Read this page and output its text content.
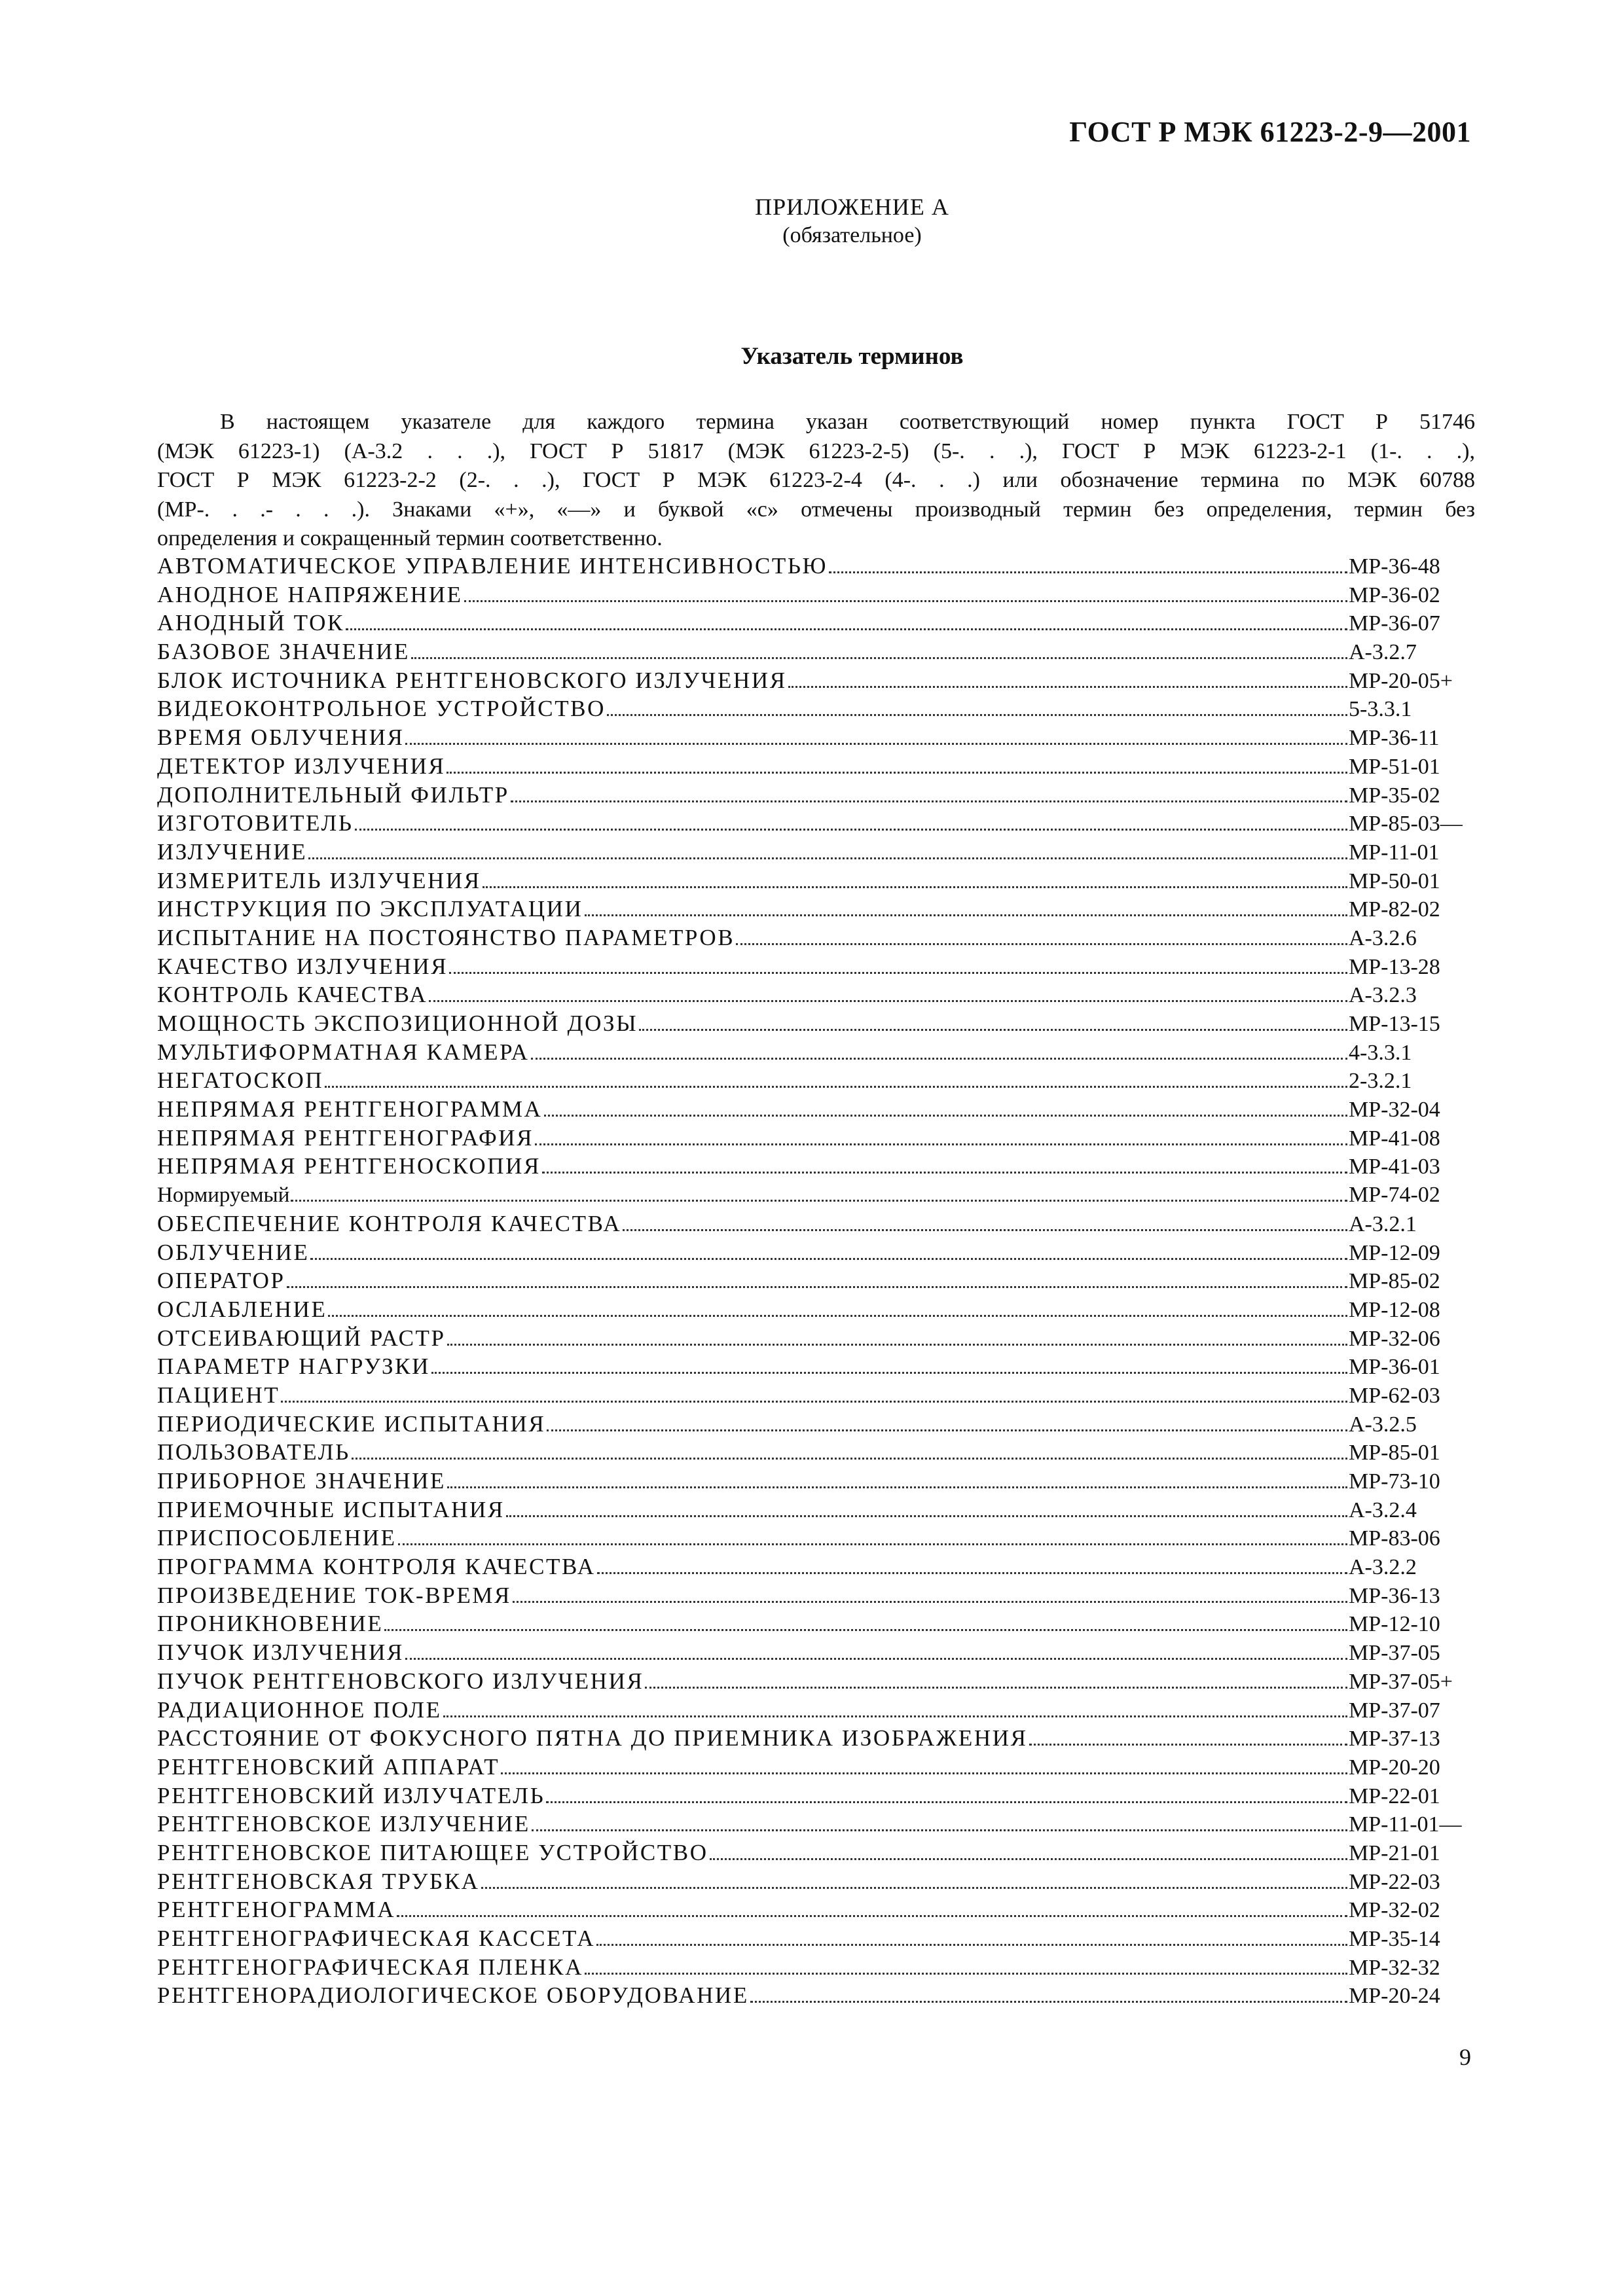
ГОСТ Р МЭК 61223-2-9—2001
ПРИЛОЖЕНИЕ А
(обязательное)
Указатель терминов
В настоящем указателе для каждого термина указан соответствующий номер пункта ГОСТ Р 51746
(МЭК 61223-1) (А-3.2 . . .), ГОСТ Р 51817 (МЭК 61223-2-5) (5-. . .), ГОСТ Р МЭК 61223-2-1 (1-. . .),
ГОСТ Р МЭК 61223-2-2 (2-. . .), ГОСТ Р МЭК 61223-2-4 (4-. . .) или обозначение термина по МЭК 60788
(МР-. . .- . . .). Знаками «+», «—» и буквой «с» отмечены производный термин без определения, термин без
определения и сокращенный термин соответственно.
АВТОМАТИЧЕСКОЕ УПРАВЛЕНИЕ ИНТЕНСИВНОСТЬЮ	МР-36-48
АНОДНОЕ НАПРЯЖЕНИЕ	МР-36-02
АНОДНЫЙ ТОК	МР-36-07
БАЗОВОЕ ЗНАЧЕНИЕ	А-3.2.7
БЛОК ИСТОЧНИКА РЕНТГЕНОВСКОГО ИЗЛУЧЕНИЯ	МР-20-05+
ВИДЕОКОНТРОЛЬНОЕ УСТРОЙСТВО	5-3.3.1
ВРЕМЯ ОБЛУЧЕНИЯ	МР-36-11
ДЕТЕКТОР ИЗЛУЧЕНИЯ	МР-51-01
ДОПОЛНИТЕЛЬНЫЙ ФИЛЬТР	МР-35-02
ИЗГОТОВИТЕЛЬ	МР-85-03—
ИЗЛУЧЕНИЕ	МР-11-01
ИЗМЕРИТЕЛЬ ИЗЛУЧЕНИЯ	МР-50-01
ИНСТРУКЦИЯ ПО ЭКСПЛУАТАЦИИ	МР-82-02
ИСПЫТАНИЕ НА ПОСТОЯНСТВО ПАРАМЕТРОВ	А-3.2.6
КАЧЕСТВО ИЗЛУЧЕНИЯ	МР-13-28
КОНТРОЛЬ КАЧЕСТВА	А-3.2.3
МОЩНОСТЬ ЭКСПОЗИЦИОННОЙ ДОЗЫ	МР-13-15
МУЛЬТИФОРМАТНАЯ КАМЕРА	4-3.3.1
НЕГАТОСКОП	2-3.2.1
НЕПРЯМАЯ РЕНТГЕНОГРАММА	МР-32-04
НЕПРЯМАЯ РЕНТГЕНОГРАФИЯ	МР-41-08
НЕПРЯМАЯ РЕНТГЕНОСКОПИЯ	МР-41-03
Нормируемый	МР-74-02
ОБЕСПЕЧЕНИЕ КОНТРОЛЯ КАЧЕСТВА	А-3.2.1
ОБЛУЧЕНИЕ	МР-12-09
ОПЕРАТОР	МР-85-02
ОСЛАБЛЕНИЕ	МР-12-08
ОТСЕИВАЮЩИЙ РАСТР	МР-32-06
ПАРАМЕТР НАГРУЗКИ	МР-36-01
ПАЦИЕНТ	МР-62-03
ПЕРИОДИЧЕСКИЕ ИСПЫТАНИЯ	А-3.2.5
ПОЛЬЗОВАТЕЛЬ	МР-85-01
ПРИБОРНОЕ ЗНАЧЕНИЕ	МР-73-10
ПРИЕМОЧНЫЕ ИСПЫТАНИЯ	А-3.2.4
ПРИСПОСОБЛЕНИЕ	МР-83-06
ПРОГРАММА КОНТРОЛЯ КАЧЕСТВА	А-3.2.2
ПРОИЗВЕДЕНИЕ ТОК-ВРЕМЯ	МР-36-13
ПРОНИКНОВЕНИЕ	МР-12-10
ПУЧОК ИЗЛУЧЕНИЯ	МР-37-05
ПУЧОК РЕНТГЕНОВСКОГО ИЗЛУЧЕНИЯ	МР-37-05+
РАДИАЦИОННОЕ ПОЛЕ	МР-37-07
РАССТОЯНИЕ ОТ ФОКУСНОГО ПЯТНА ДО ПРИЕМНИКА ИЗОБРАЖЕНИЯ	МР-37-13
РЕНТГЕНОВСКИЙ АППАРАТ	МР-20-20
РЕНТГЕНОВСКИЙ ИЗЛУЧАТЕЛЬ	МР-22-01
РЕНТГЕНОВСКОЕ ИЗЛУЧЕНИЕ	МР-11-01—
РЕНТГЕНОВСКОЕ ПИТАЮЩЕЕ УСТРОЙСТВО	МР-21-01
РЕНТГЕНОВСКАЯ ТРУБКА	МР-22-03
РЕНТГЕНОГРАММА	МР-32-02
РЕНТГЕНОГРАФИЧЕСКАЯ КАССЕТА	МР-35-14
РЕНТГЕНОГРАФИЧЕСКАЯ ПЛЕНКА	МР-32-32
РЕНТГЕНОРАДИОЛОГИЧЕСКОЕ ОБОРУДОВАНИЕ	МР-20-24
9
